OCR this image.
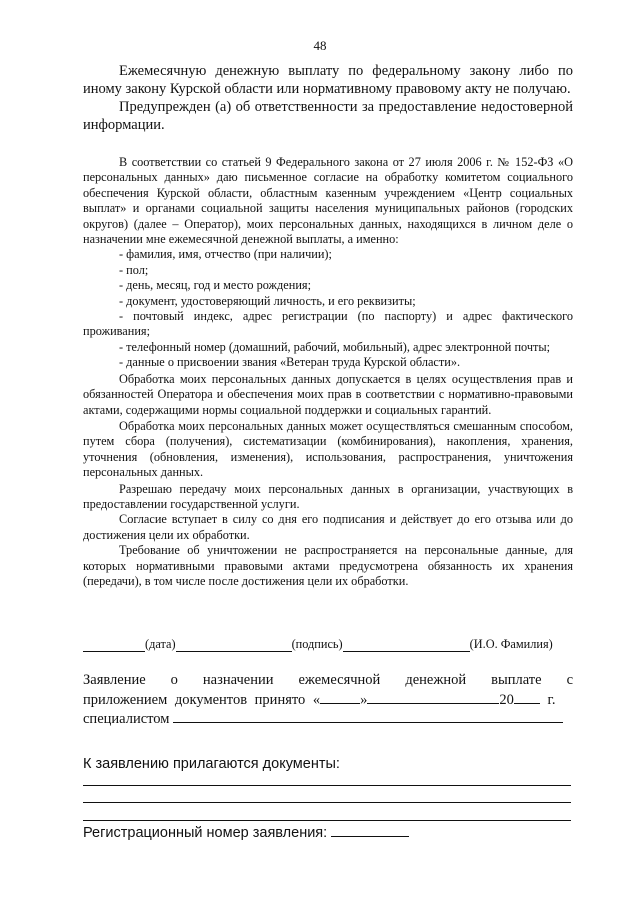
48

Ежемесячную денежную выплату по федеральному закону либо по иному закону Курской области или нормативному правовому акту не получаю.

Предупрежден (а) об ответственности за предоставление недостоверной информации.

В соответствии со статьей 9 Федерального закона от 27 июля 2006 г. № 152-ФЗ «О персональных данных» даю письменное согласие на обработку комитетом социального обеспечения Курской области, областным казенным учреждением «Центр социальных выплат» и органами социальной защиты населения муниципальных районов (городских округов) (далее – Оператор), моих персональных данных, находящихся в личном деле о назначении мне ежемесячной денежной выплаты, а именно:

- фамилия, имя, отчество (при наличии);

- пол;

- день, месяц, год и место рождения;

- документ, удостоверяющий личность, и его реквизиты;

- почтовый индекс, адрес регистрации (по паспорту) и адрес фактического проживания;

- телефонный номер (домашний, рабочий, мобильный), адрес электронной почты;

- данные о присвоении звания «Ветеран труда Курской области».

Обработка моих персональных данных допускается в целях осуществления прав и обязанностей Оператора и обеспечения моих прав в соответствии с нормативно-правовыми актами, содержащими нормы социальной поддержки и социальных гарантий.

Обработка моих персональных данных может осуществляться смешанным способом, путем сбора (получения), систематизации (комбинирования), накопления, хранения, уточнения (обновления, изменения), использования, распространения, уничтожения персональных данных.

Разрешаю передачу моих персональных данных в организации, участвующих в предоставлении государственной услуги.

Согласие вступает в силу со дня его подписания и действует до его отзыва или до достижения цели их обработки.

Требование об уничтожении не распространяется на персональные данные, для которых нормативными правовыми актами предусмотрена обязанность их хранения (передачи), в том числе после достижения цели их обработки.

(дата)	(подпись)	(И.О. Фамилия)
Заявление о назначении ежемесячной денежной выплате с
приложением документов принято «	»	20 г.
специалистом
К заявлению прилагаются документы:
Регистрационный номер заявления:
